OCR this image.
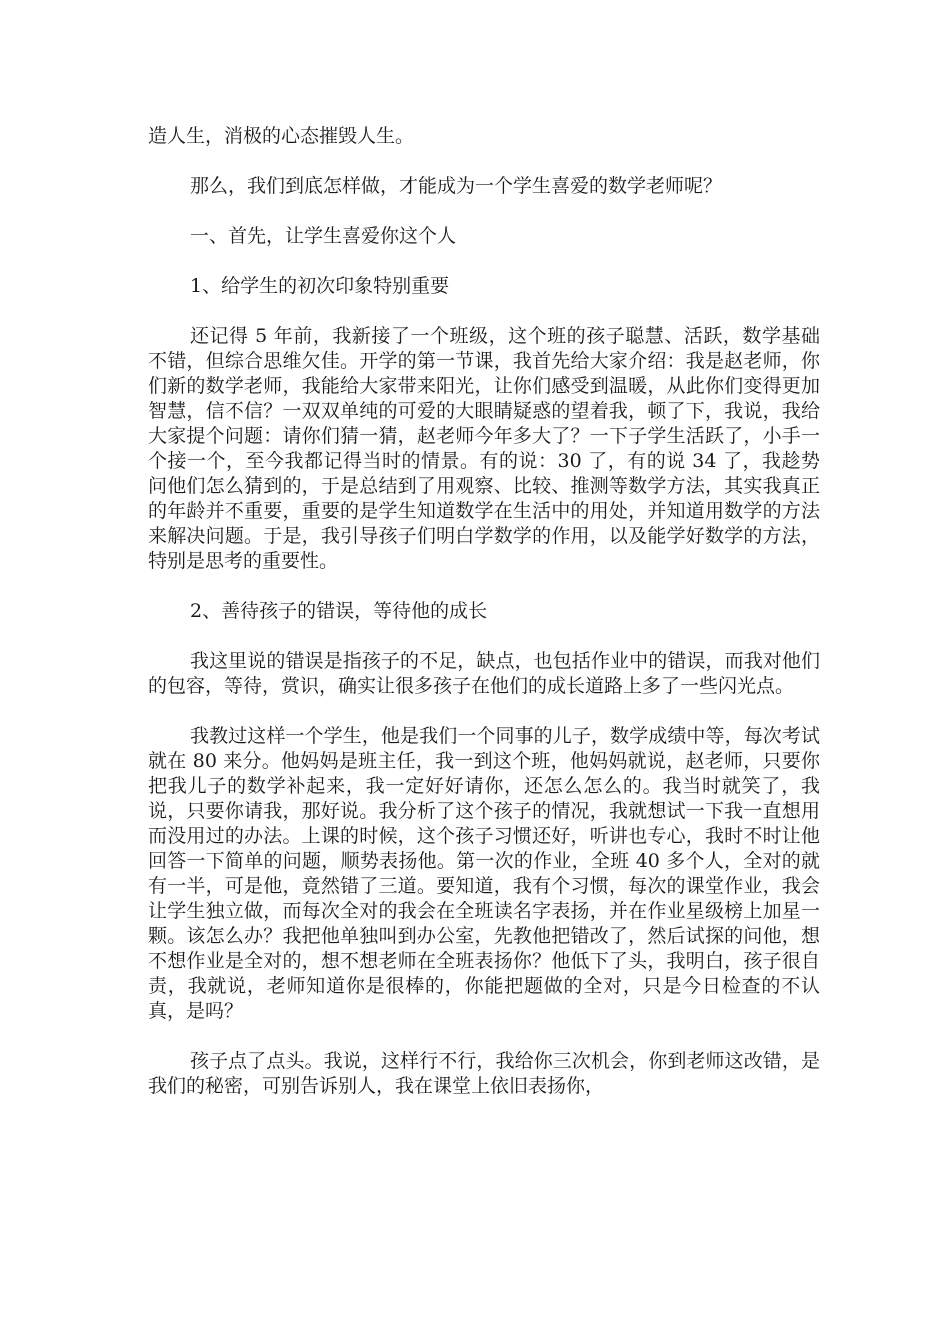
造人生，消极的心态摧毁人生。

那么，我们到底怎样做，才能成为一个学生喜爱的数学老师呢？

一、首先，让学生喜爱你这个人

1、给学生的初次印象特别重要

还记得 5 年前，我新接了一个班级，这个班的孩子聪慧、活跃，数学基础不错，但综合思维欠佳。开学的第一节课，我首先给大家介绍：我是赵老师，你们新的数学老师，我能给大家带来阳光，让你们感受到温暖，从此你们变得更加智慧，信不信？一双双单纯的可爱的大眼睛疑惑的望着我，顿了下，我说，我给大家提个问题：请你们猜一猜，赵老师今年多大了？一下子学生活跃了，小手一个接一个，至今我都记得当时的情景。有的说：30 了，有的说 34 了，我趁势问他们怎么猜到的，于是总结到了用观察、比较、推测等数学方法，其实我真正的年龄并不重要，重要的是学生知道数学在生活中的用处，并知道用数学的方法来解决问题。于是，我引导孩子们明白学数学的作用，以及能学好数学的方法，特别是思考的重要性。

2、善待孩子的错误，等待他的成长

我这里说的错误是指孩子的不足，缺点，也包括作业中的错误，而我对他们的包容，等待，赏识，确实让很多孩子在他们的成长道路上多了一些闪光点。

我教过这样一个学生，他是我们一个同事的儿子，数学成绩中等，每次考试就在 80 来分。他妈妈是班主任，我一到这个班，他妈妈就说，赵老师，只要你把我儿子的数学补起来，我一定好好请你，还怎么怎么的。我当时就笑了，我说，只要你请我，那好说。我分析了这个孩子的情况，我就想试一下我一直想用而没用过的办法。上课的时候，这个孩子习惯还好，听讲也专心，我时不时让他回答一下简单的问题，顺势表扬他。第一次的作业，全班 40 多个人，全对的就有一半，可是他，竟然错了三道。要知道，我有个习惯，每次的课堂作业，我会让学生独立做，而每次全对的我会在全班读名字表扬，并在作业星级榜上加星一颗。该怎么办？我把他单独叫到办公室，先教他把错改了，然后试探的问他，想不想作业是全对的，想不想老师在全班表扬你？他低下了头，我明白，孩子很自责，我就说，老师知道你是很棒的，你能把题做的全对，只是今日检查的不认真，是吗？

孩子点了点头。我说，这样行不行，我给你三次机会，你到老师这改错，是我们的秘密，可别告诉别人，我在课堂上依旧表扬你，
